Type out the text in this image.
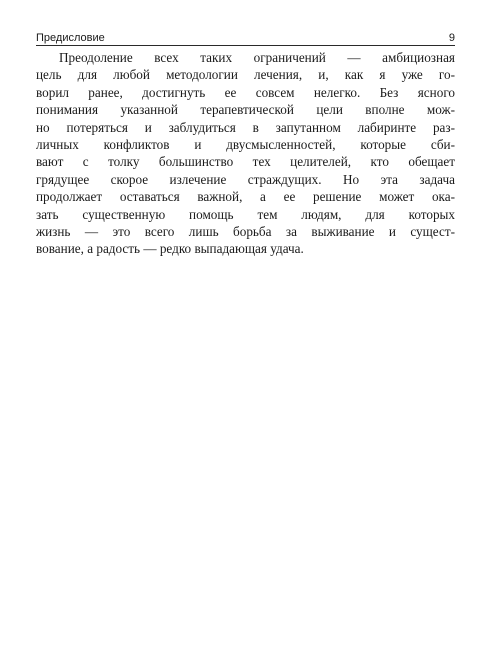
Предисловие	9
Преодоление всех таких ограничений — амбициозная
цель для любой методологии лечения, и, как я уже го-
ворил ранее, достигнуть ее совсем нелегко. Без ясного
понимания указанной терапевтической цели вполне мож-
но потеряться и заблудиться в запутанном лабиринте раз-
личных конфликтов и двусмысленностей, которые сби-
вают с толку большинство тех целителей, кто обещает
грядущее скорое излечение страждущих. Но эта задача
продолжает оставаться важной, а ее решение может ока-
зать существенную помощь тем людям, для которых
жизнь — это всего лишь борьба за выживание и сущест-
вование, а радость — редко выпадающая удача.
